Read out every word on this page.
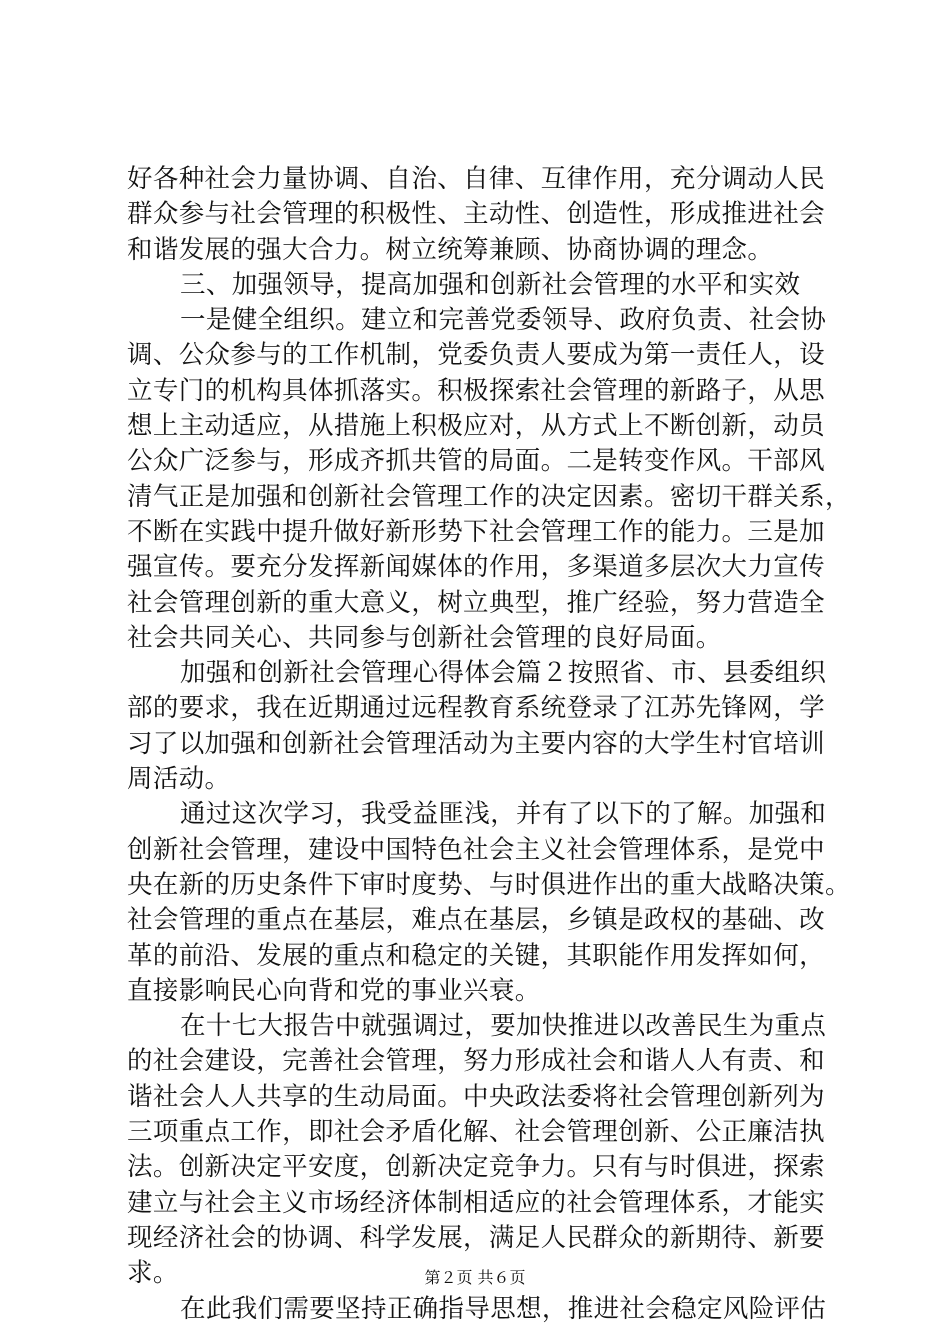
好各种社会力量协调、自治、自律、互律作用，充分调动人民
群众参与社会管理的积极性、主动性、创造性，形成推进社会
和谐发展的强大合力。树立统筹兼顾、协商协调的理念。
三、加强领导，提高加强和创新社会管理的水平和实效
一是健全组织。建立和完善党委领导、政府负责、社会协
调、公众参与的工作机制，党委负责人要成为第一责任人，设
立专门的机构具体抓落实。积极探索社会管理的新路子，从思
想上主动适应，从措施上积极应对，从方式上不断创新，动员
公众广泛参与，形成齐抓共管的局面。二是转变作风。干部风
清气正是加强和创新社会管理工作的决定因素。密切干群关系，
不断在实践中提升做好新形势下社会管理工作的能力。三是加
强宣传。要充分发挥新闻媒体的作用，多渠道多层次大力宣传
社会管理创新的重大意义，树立典型，推广经验，努力营造全
社会共同关心、共同参与创新社会管理的良好局面。
加强和创新社会管理心得体会篇２按照省、市、县委组织
部的要求，我在近期通过远程教育系统登录了江苏先锋网，学
习了以加强和创新社会管理活动为主要内容的大学生村官培训
周活动。
通过这次学习，我受益匪浅，并有了以下的了解。加强和
创新社会管理，建设中国特色社会主义社会管理体系，是党中
央在新的历史条件下审时度势、与时俱进作出的重大战略决策。
社会管理的重点在基层，难点在基层，乡镇是政权的基础、改
革的前沿、发展的重点和稳定的关键，其职能作用发挥如何，
直接影响民心向背和党的事业兴衰。
在十七大报告中就强调过，要加快推进以改善民生为重点
的社会建设，完善社会管理，努力形成社会和谐人人有责、和
谐社会人人共享的生动局面。中央政法委将社会管理创新列为
三项重点工作，即社会矛盾化解、社会管理创新、公正廉洁执
法。创新决定平安度，创新决定竞争力。只有与时俱进，探索
建立与社会主义市场经济体制相适应的社会管理体系，才能实
现经济社会的协调、科学发展，满足人民群众的新期待、新要
求。
在此我们需要坚持正确指导思想，推进社会稳定风险评估
第２页 共６页
